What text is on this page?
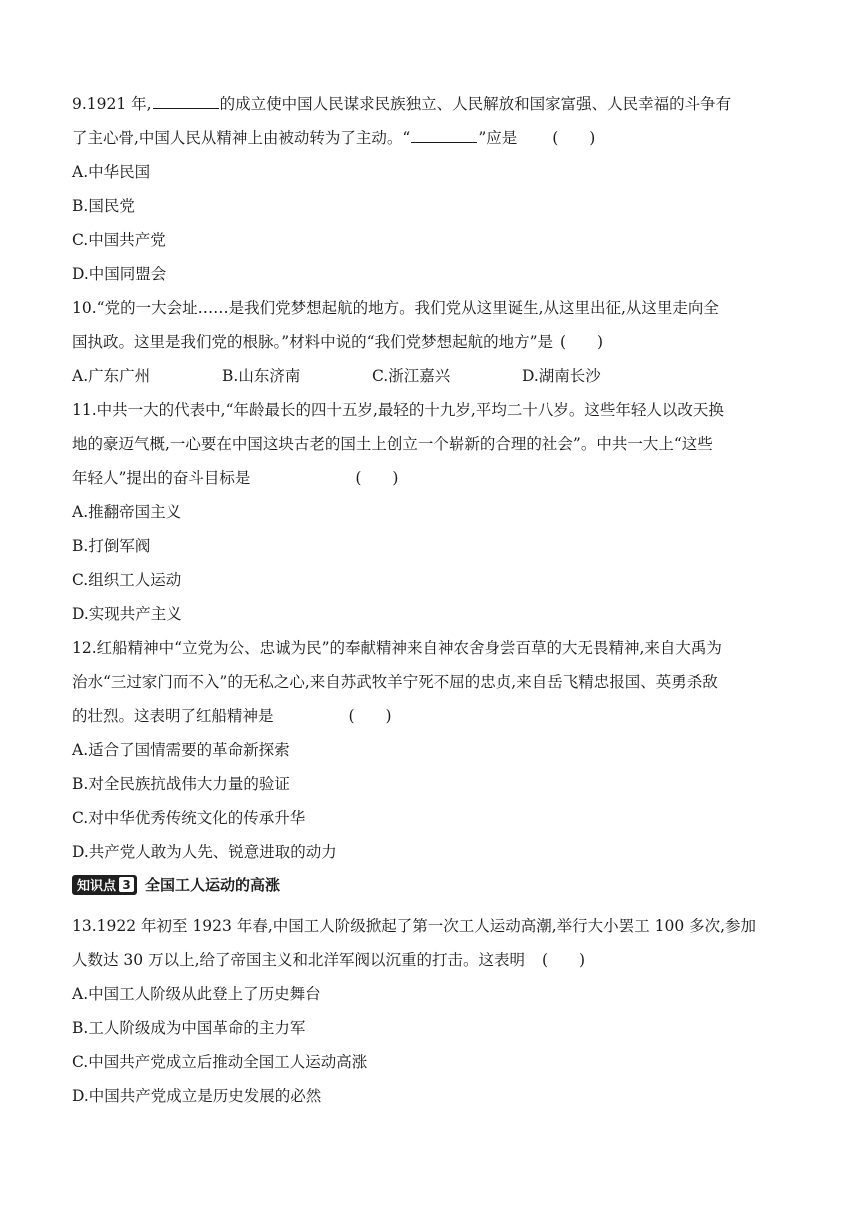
9.1921 年,	的成立使中国人民谋求民族独立、人民解放和国家富强、人民幸福的斗争有
了主心骨,中国人民从精神上由被动转为了主动。“	”应是 (　　)
A.中华民国
B.国民党
C.中国共产党
D.中国同盟会
10.“党的一大会址……是我们党梦想起航的地方。我们党从这里诞生,从这里出征,从这里走向全
国执政。这里是我们党的根脉。”材料中说的“我们党梦想起航的地方”是 (　　)
A.广东广州	B.山东济南	C.浙江嘉兴	D.湖南长沙
11.中共一大的代表中,“年龄最长的四十五岁,最轻的十九岁,平均二十八岁。这些年轻人以改天换
地的豪迈气概,一心要在中国这块古老的国土上创立一个崭新的合理的社会”。中共一大上“这些
年轻人”提出的奋斗目标是	(　　)
A.推翻帝国主义
B.打倒军阀
C.组织工人运动
D.实现共产主义
12.红船精神中“立党为公、忠诚为民”的奉献精神来自神农舍身尝百草的大无畏精神,来自大禹为
治水“三过家门而不入”的无私之心,来自苏武牧羊宁死不屈的忠贞,来自岳飞精忠报国、英勇杀敌
的壮烈。这表明了红船精神是	(　　)
A.适合了国情需要的革命新探索
B.对全民族抗战伟大力量的验证
C.对中华优秀传统文化的传承升华
D.共产党人敢为人先、锐意进取的动力
知识点 3 全国工人运动的高涨
13.1922 年初至 1923 年春,中国工人阶级掀起了第一次工人运动高潮,举行大小罢工 100 多次,参加
人数达 30 万以上,给了帝国主义和北洋军阀以沉重的打击。这表明 (　　)
A.中国工人阶级从此登上了历史舞台
B.工人阶级成为中国革命的主力军
C.中国共产党成立后推动全国工人运动高涨
D.中国共产党成立是历史发展的必然
